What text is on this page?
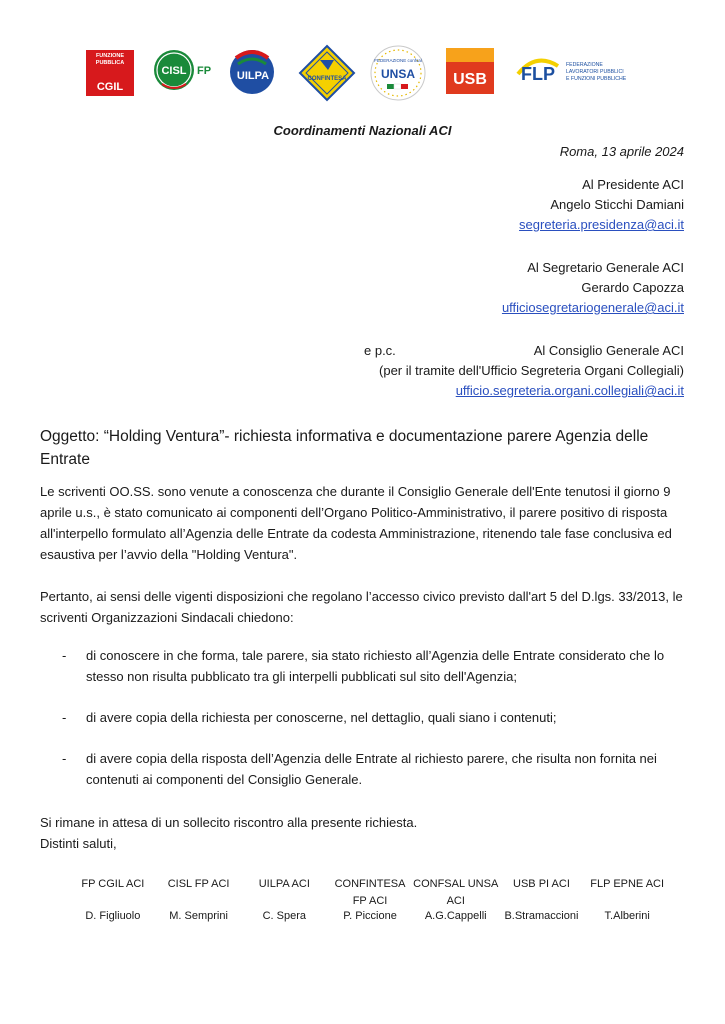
FUNZIONE
PUBBLICA
CGIL
CISL FP UILPA	CONFINTESA
FEDERAZIONE confsal
UNSA USB FLP FEDERAZIONE
LAVORATORI PUBBLICI
E FUNZIONI PUBBLICHE
Coordinamenti Nazionali ACI
Roma, 13 aprile 2024
Al Presidente ACI
Angelo Sticchi Damiani
segreteria.presidenza@aci.it
Al Segretario Generale ACI
Gerardo Capozza
ufficiosegretariogenerale@aci.it
e p.c.	Al Consiglio Generale ACI
(per il tramite dell'Ufficio Segreteria Organi Collegiali)
ufficio.segreteria.organi.collegiali@aci.it
Oggetto: “Holding Ventura”- richiesta informativa e documentazione parere Agenzia delle Entrate
Le scriventi OO.SS. sono venute a conoscenza che durante il Consiglio Generale dell'Ente tenutosi il giorno 9 aprile u.s., è stato comunicato ai componenti dell’Organo Politico-Amministrativo, il parere positivo di risposta all'interpello formulato all’Agenzia delle Entrate da codesta Amministrazione, ritenendo tale fase conclusiva ed esaustiva per l’avvio della "Holding Ventura".
Pertanto, ai sensi delle vigenti disposizioni che regolano l’accesso civico previsto dall'art 5 del D.lgs. 33/2013, le scriventi Organizzazioni Sindacali chiedono:
-	di conoscere in che forma, tale parere, sia stato richiesto all’Agenzia delle Entrate considerato che lo stesso non risulta pubblicato tra gli interpelli pubblicati sul sito dell'Agenzia;
-	di avere copia della richiesta per conoscerne, nel dettaglio, quali siano i contenuti;
-	di avere copia della risposta dell’Agenzia delle Entrate al richiesto parere, che risulta non fornita nei contenuti ai componenti del Consiglio Generale.
Si rimane in attesa di un sollecito riscontro alla presente richiesta.
Distinti saluti,
FP CGIL ACI
D. Figliuolo
CISL FP ACI
M. Semprini
UILPA ACI
C. Spera
CONFINTESA FP ACI
P. Piccione
CONFSAL UNSA ACI
A.G.Cappelli
USB PI ACI
B.Stramaccioni
FLP EPNE ACI
T.Alberini
